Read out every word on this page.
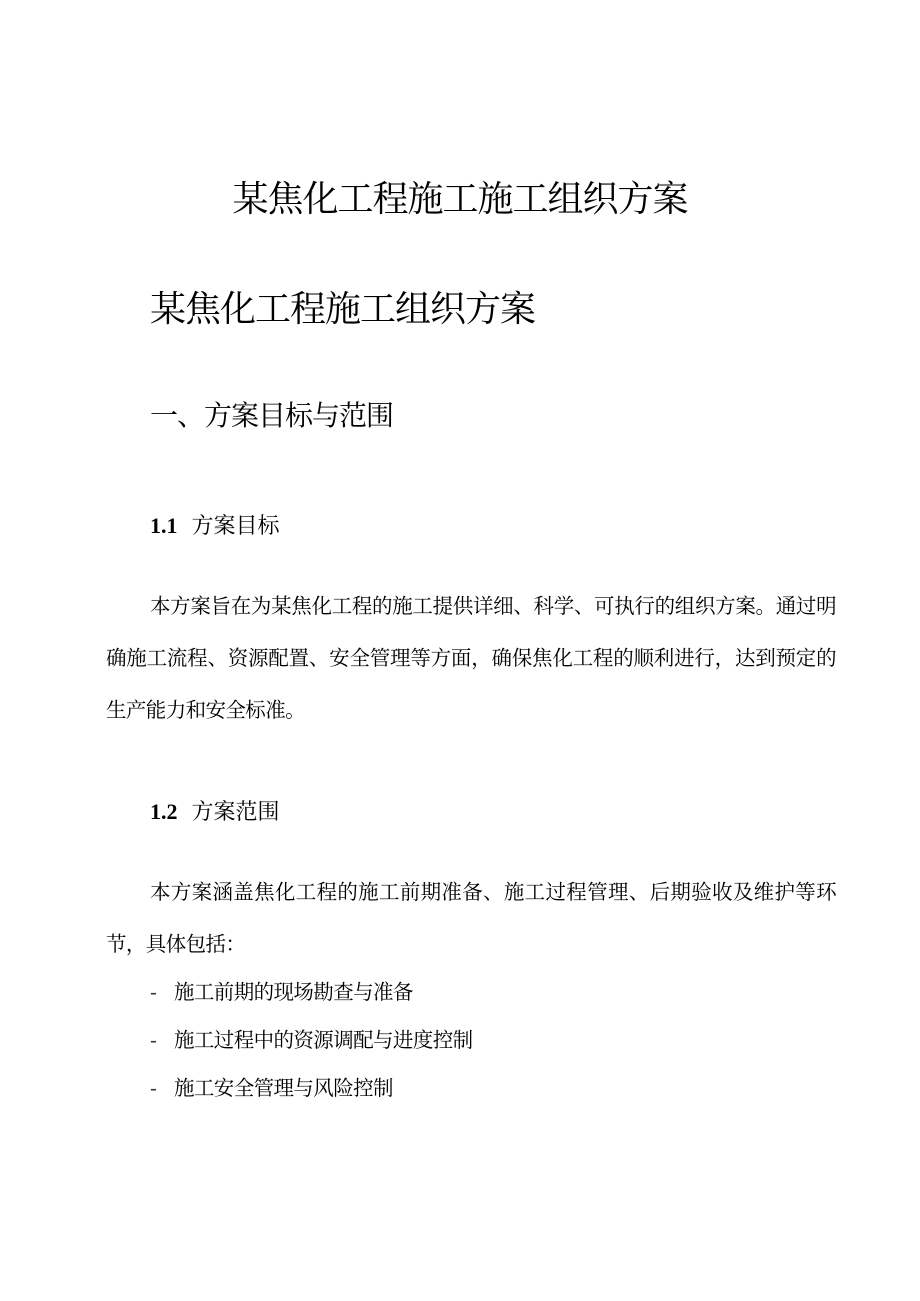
某焦化工程施工施工组织方案
某焦化工程施工组织方案
一、方案目标与范围
1.1 方案目标

本方案旨在为某焦化工程的施工提供详细、科学、可执行的组织方案。通过明确施工流程、资源配置、安全管理等方面，确保焦化工程的顺利进行，达到预定的生产能力和安全标准。

1.2 方案范围

本方案涵盖焦化工程的施工前期准备、施工过程管理、后期验收及维护等环节，具体包括：

- 施工前期的现场勘查与准备
- 施工过程中的资源调配与进度控制
- 施工安全管理与风险控制
